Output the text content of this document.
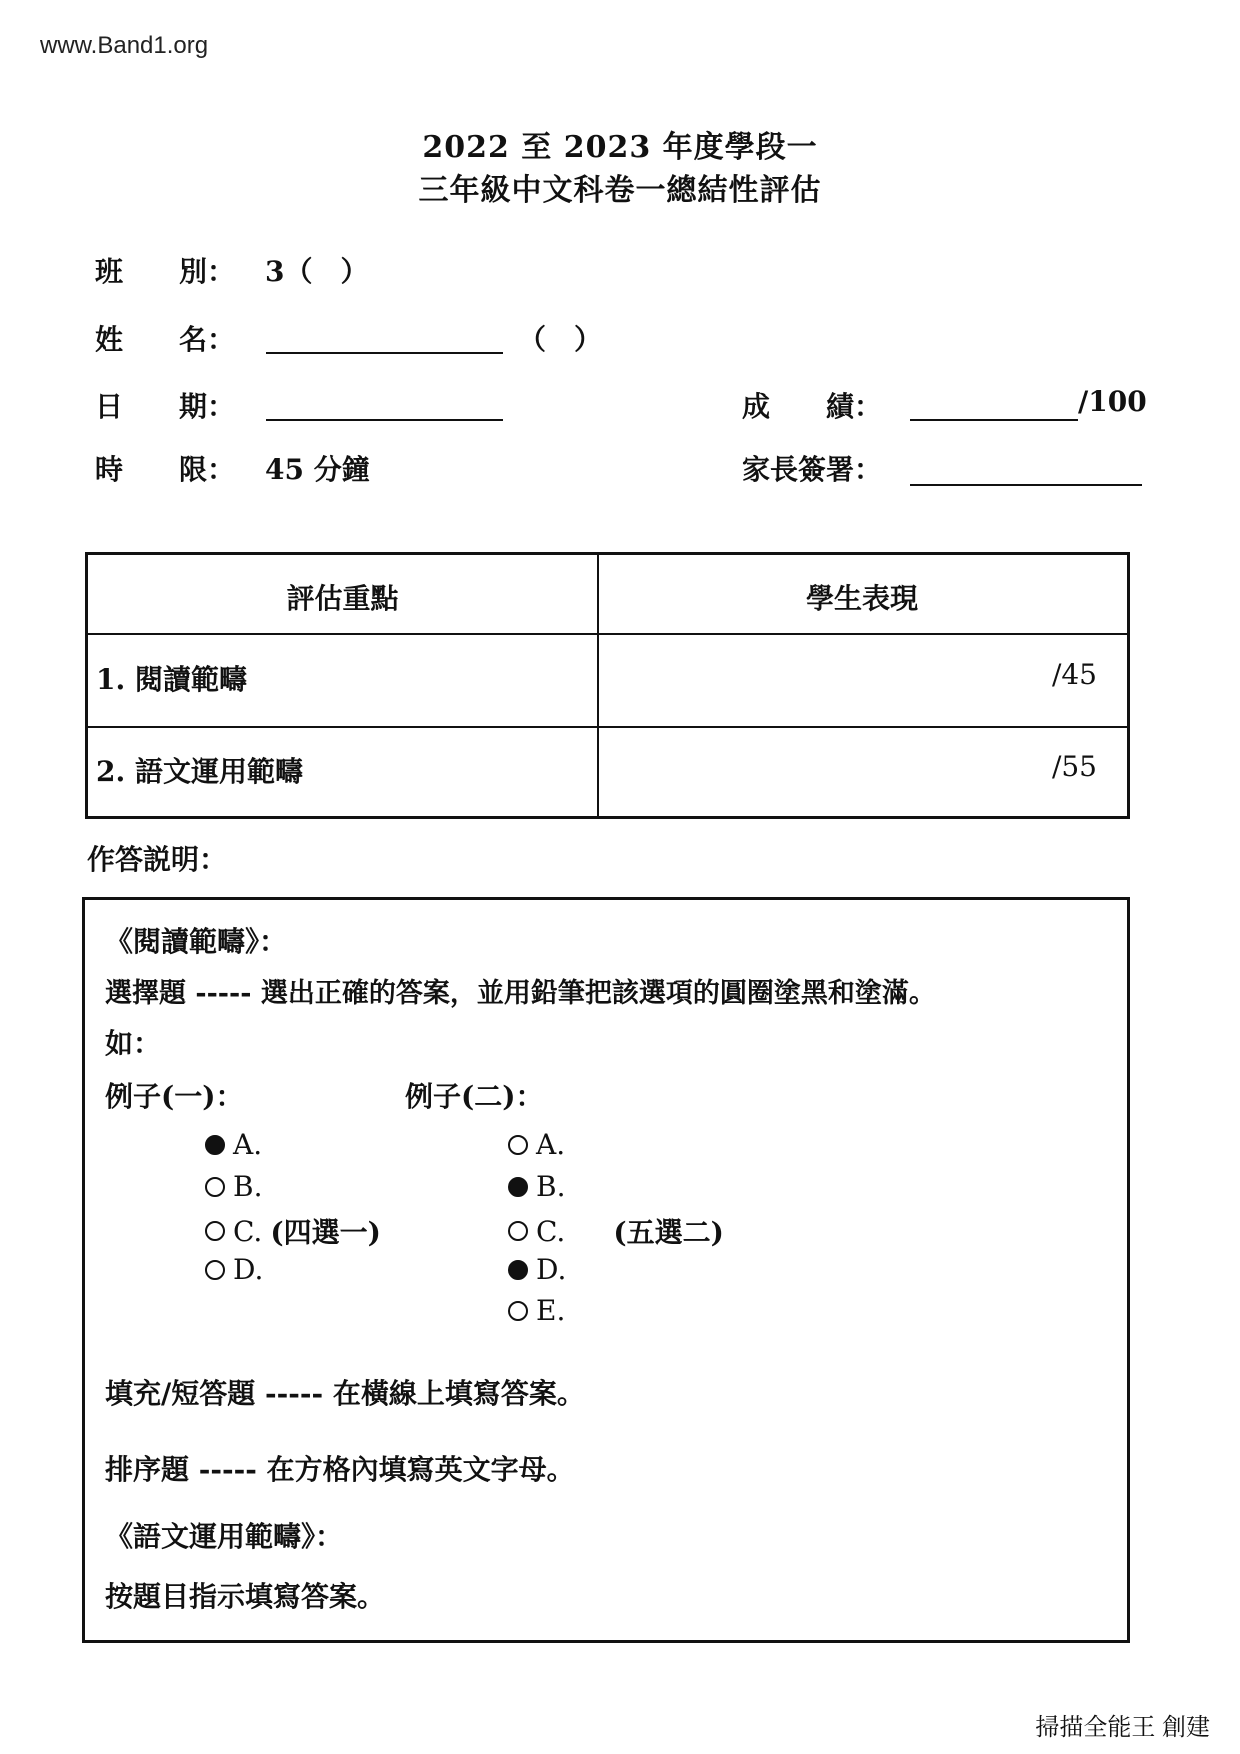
www.Band1.org
2022 至 2023 年度學段一
三年級中文科卷一總結性評估
班　　別： 3（　）
姓　　名：	（　）
日　　期：	成　　績：	/100
時　　限： 45 分鐘	家長簽署：
評估重點	學生表現
1. 閱讀範疇	/45
2. 語文運用範疇	/55
作答説明：
《閱讀範疇》：
選擇題 ----- 選出正確的答案，並用鉛筆把該選項的圓圈塗黑和塗滿。
如：
例子(一)：	例子(二)：
A.
B.
C. (四選一)
D.
A.
B.
C. (五選二)
D.
E.
填充/短答題 ----- 在橫線上填寫答案。
排序題 ----- 在方格內填寫英文字母。
《語文運用範疇》：
按題目指示填寫答案。
掃描全能王 創建
